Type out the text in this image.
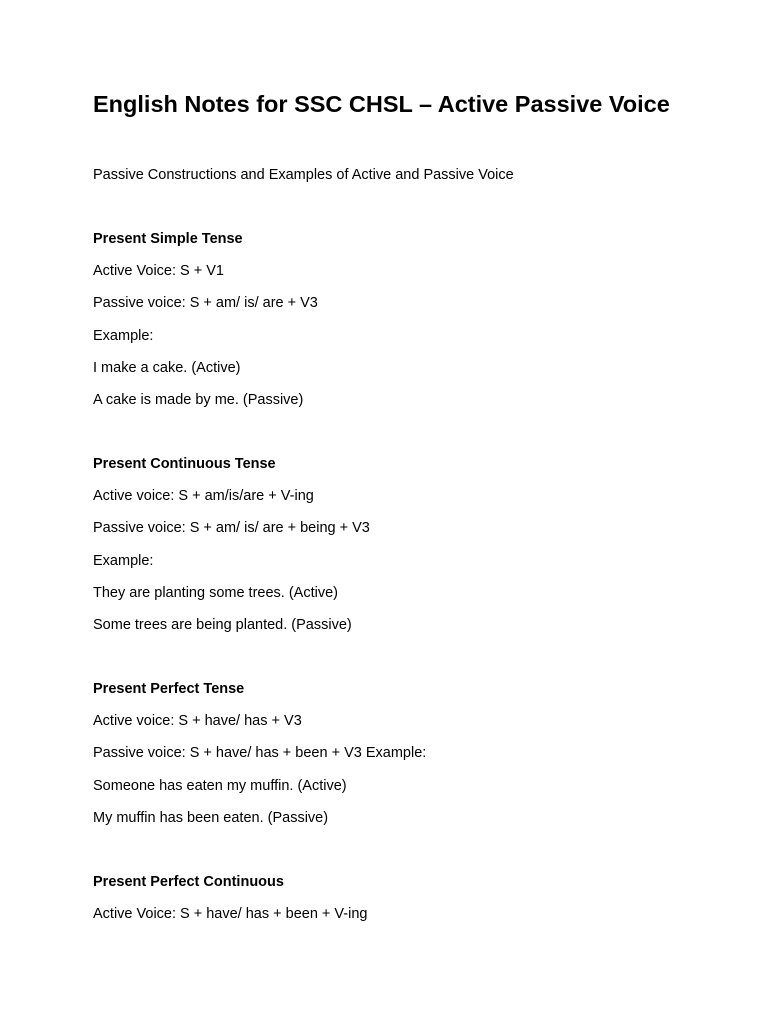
English Notes for SSC CHSL – Active Passive Voice

Passive Constructions and Examples of Active and Passive Voice

Present Simple Tense
Active Voice: S + V1
Passive voice: S + am/ is/ are + V3
Example:
I make a cake. (Active)
A cake is made by me. (Passive)
Present Continuous Tense
Active voice: S + am/is/are + V-ing
Passive voice: S + am/ is/ are + being + V3
Example:
They are planting some trees. (Active)
Some trees are being planted. (Passive)
Present Perfect Tense
Active voice: S + have/ has + V3
Passive voice: S + have/ has + been + V3 Example:
Someone has eaten my muffin. (Active)
My muffin has been eaten. (Passive)
Present Perfect Continuous
Active Voice: S + have/ has + been + V-ing
